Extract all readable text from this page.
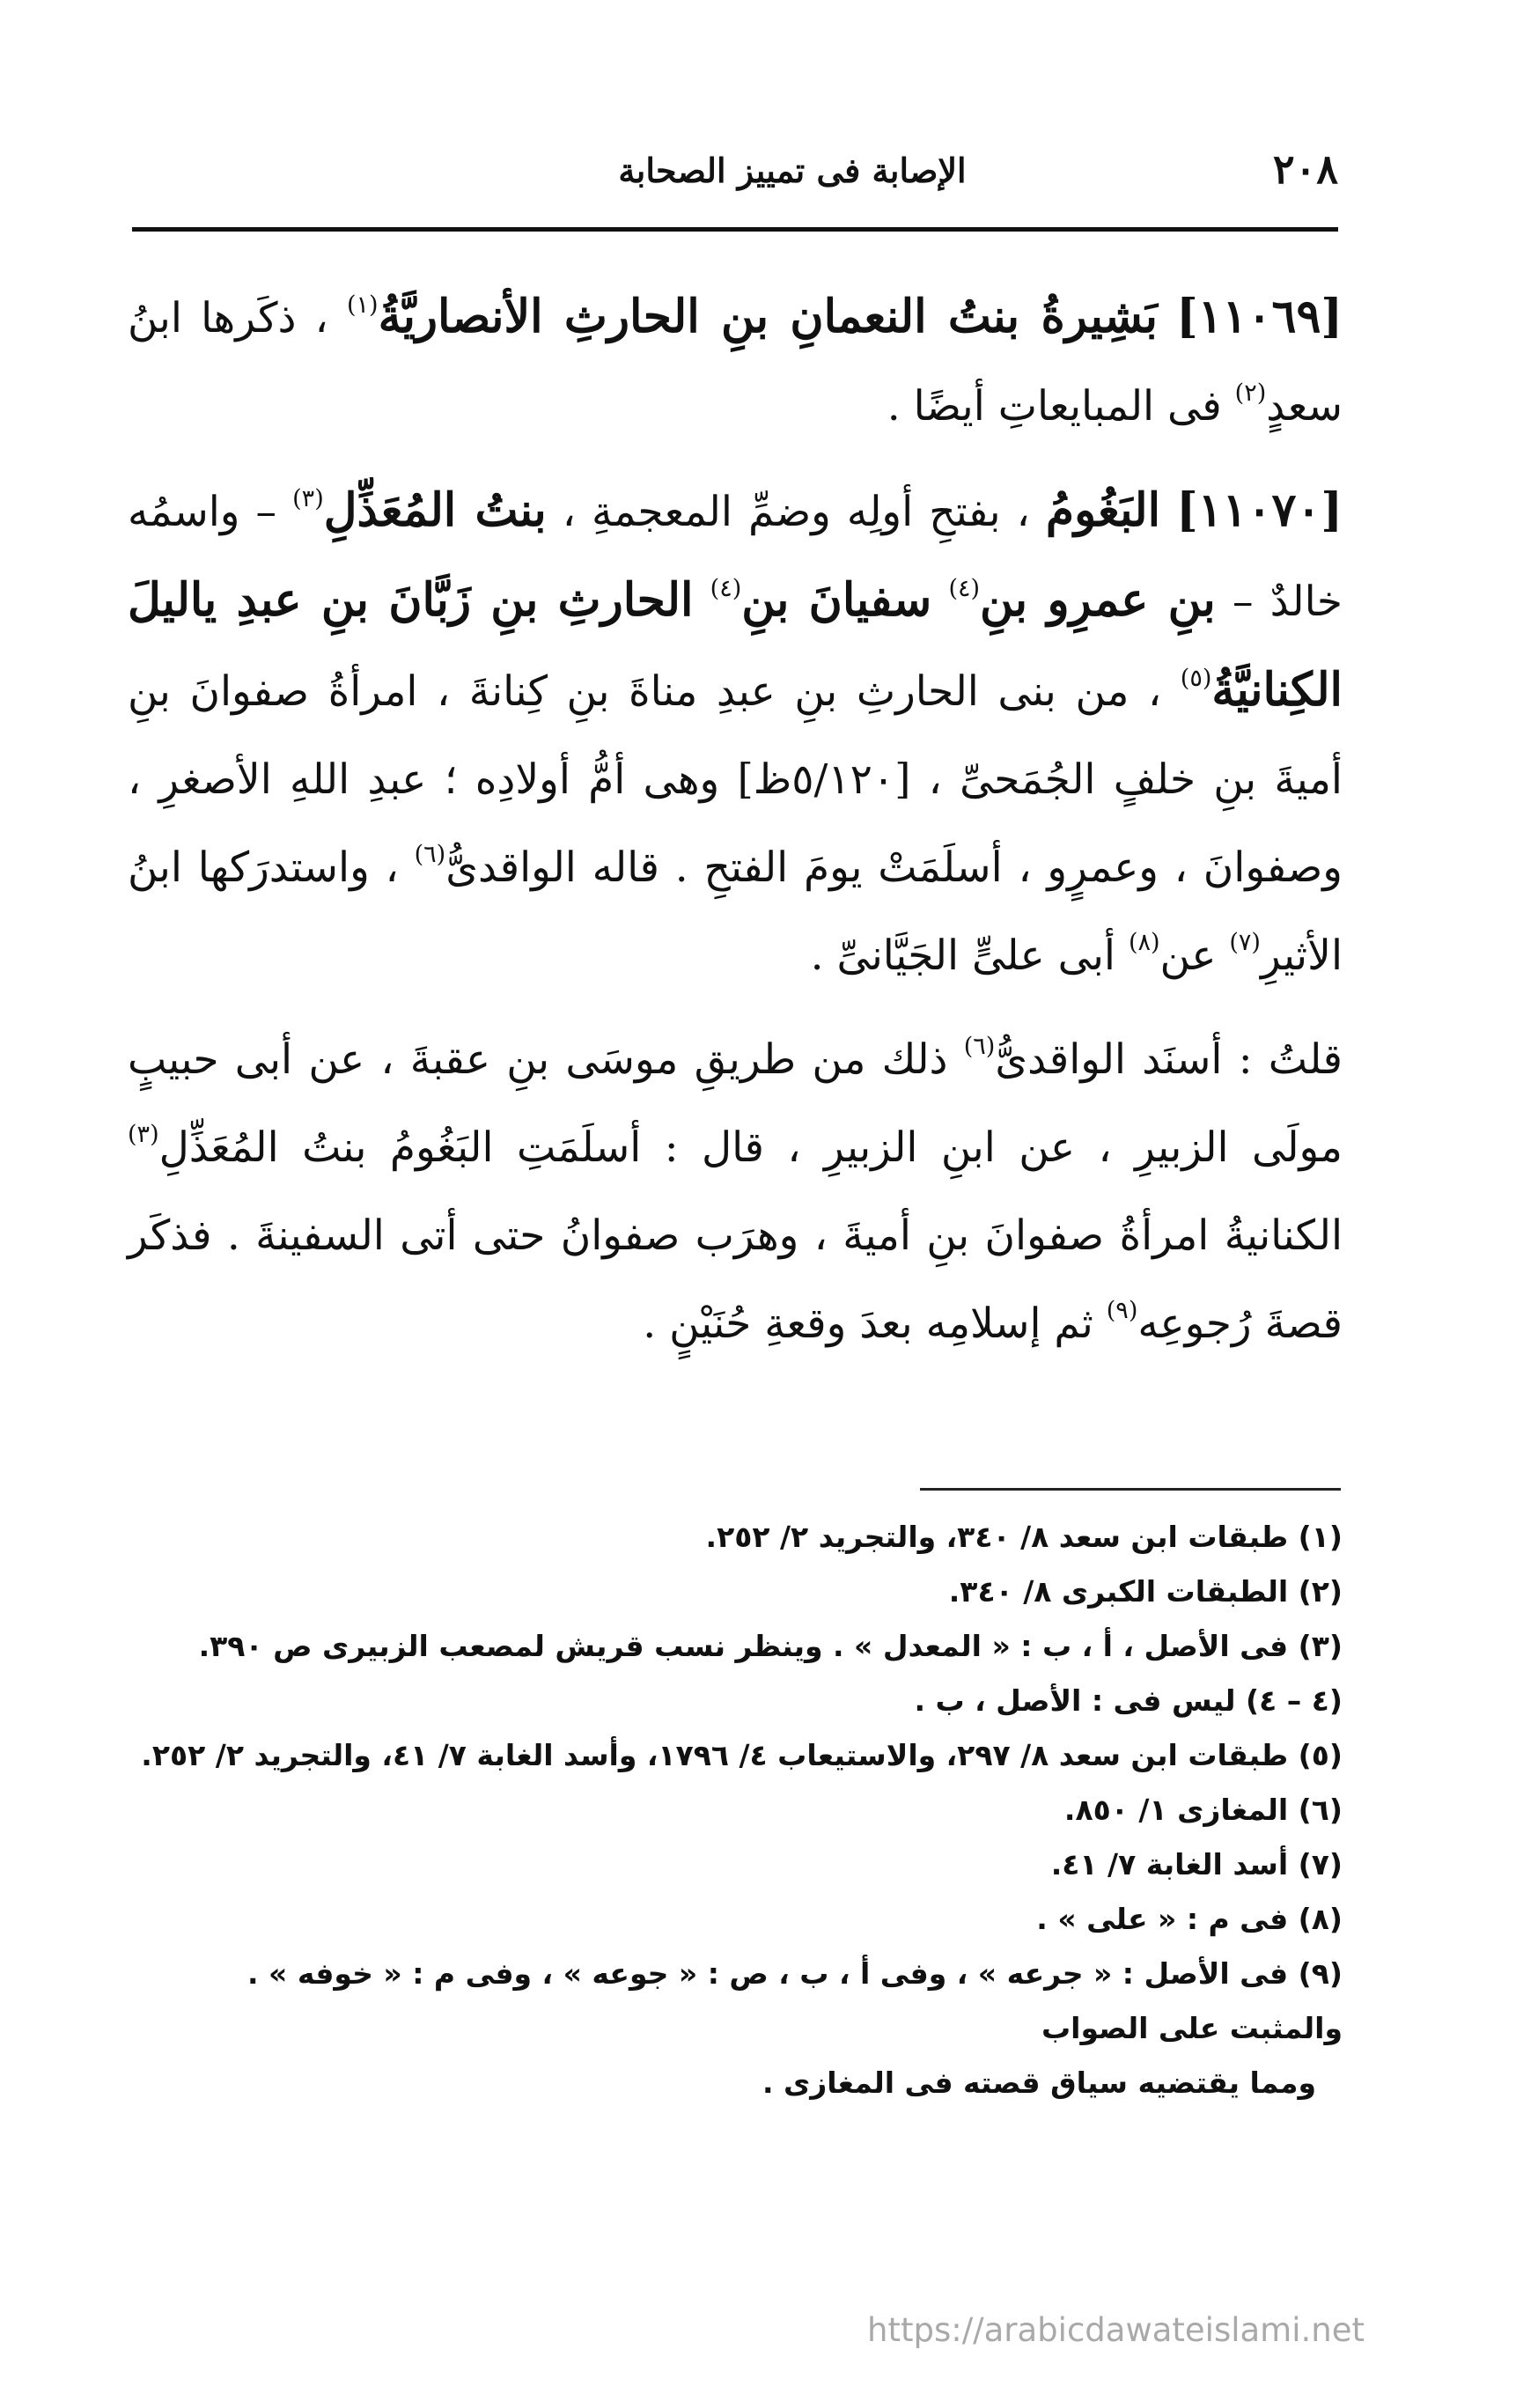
٢٠٨
الإصابة فى تمييز الصحابة

[١١٠٦٩] بَشِيرةُ بنتُ النعمانِ بنِ الحارثِ الأنصاريَّةُ$^{(١)}$ ، ذكَرها ابنُ سعدٍ$^{(٢)}$ فى المبايعاتِ أيضًا .

[١١٠٧٠] البَغُومُ ، بفتحِ أولِه وضمِّ المعجمةِ ، بنتُ المُعَذِّلِ$^{(٣)}$ – واسمُه خالدٌ – بنِ عمرِو بنِ$^{(٤)}$ سفيانَ بنِ$^{(٤)}$ الحارثِ بنِ زَبَّانَ بنِ عبدِ ياليلَ الكِنانيَّةُ$^{(٥)}$ ، من بنى الحارثِ بنِ عبدِ مناةَ بنِ كِنانةَ ، امرأةُ صفوانَ بنِ أميةَ بنِ خلفٍ الجُمَحىِّ ، [٥/١٢٠ظ] وهى أمُّ أولادِه ؛ عبدِ اللهِ الأصغرِ ، وصفوانَ ، وعمرٍو ، أسلَمَتْ يومَ الفتحِ . قاله الواقدىُّ$^{(٦)}$ ، واستدرَكها ابنُ الأثيرِ$^{(٧)}$ عن$^{(٨)}$ أبى علىٍّ الجَيَّانىِّ .

قلتُ : أسنَد الواقدىُّ$^{(٦)}$ ذلك من طريقِ موسَى بنِ عقبةَ ، عن أبى حبيبٍ مولَى الزبيرِ ، عن ابنِ الزبيرِ ، قال : أسلَمَتِ البَغُومُ بنتُ المُعَذِّلِ$^{(٣)}$ الكنانيةُ امرأةُ صفوانَ بنِ أميةَ ، وهرَب صفوانُ حتى أتى السفينةَ . فذكَر قصةَ رُجوعِه$^{(٩)}$ ثم إسلامِه بعدَ وقعةِ حُنَيْنٍ .

(١) طبقات ابن سعد ٨/ ٣٤٠، والتجريد ٢/ ٢٥٢.

(٢) الطبقات الكبرى ٨/ ٣٤٠.

(٣) فى الأصل ، أ ، ب : « المعدل » . وينظر نسب قريش لمصعب الزبيرى ص ٣٩٠.

(٤ – ٤) ليس فى : الأصل ، ب .

(٥) طبقات ابن سعد ٨/ ٢٩٧، والاستيعاب ٤/ ١٧٩٦، وأسد الغابة ٧/ ٤١، والتجريد ٢/ ٢٥٢.

(٦) المغازى ١/ ٨٥٠.

(٧) أسد الغابة ٧/ ٤١.

(٨) فى م : « على » .

(٩) فى الأصل : « جرعه » ، وفى أ ، ب ، ص : « جوعه » ، وفى م : « خوفه » . والمثبت على الصواب

ومما يقتضيه سياق قصته فى المغازى .

https://arabicdawateislami.net
